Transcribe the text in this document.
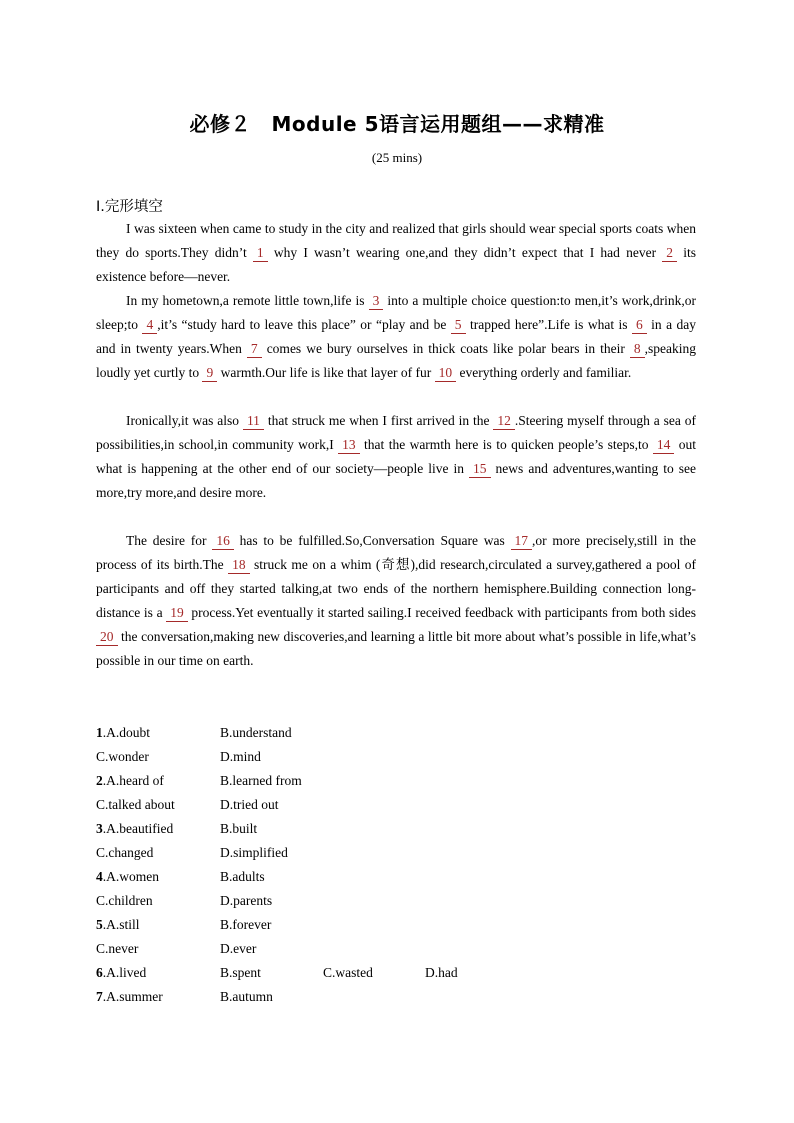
必修２　Module 5语言运用题组——求精准
(25 mins)
Ⅰ.完形填空
I was sixteen when came to study in the city and realized that girls should wear special sports coats when they do sports.They didn’t 1 why I wasn’t wearing one,and they didn’t expect that I had never 2 its existence before—never.
In my hometown,a remote little town,life is 3 into a multiple choice question:to men,it’s work,drink,or sleep;to 4 ,it’s “study hard to leave this place” or “play and be 5 trapped here”.Life is what is 6 in a day and in twenty years.When 7 comes we bury ourselves in thick coats like polar bears in their 8 ,speaking loudly yet curtly to 9 warmth.Our life is like that layer of fur 10 everything orderly and familiar.
Ironically,it was also 11 that struck me when I first arrived in the 12 .Steering myself through a sea of possibilities,in school,in community work,I 13 that the warmth here is to quicken people’s steps,to 14 out what is happening at the other end of our society—people live in 15 news and adventures,wanting to see more,try more,and desire more.
The desire for 16 has to be fulfilled.So,Conversation Square was 17 ,or more precisely,still in the process of its birth.The 18 struck me on a whim (奇想),did research,circulated a survey,gathered a pool of participants and off they started talking,at two ends of the northern hemisphere.Building connection long-distance is a 19 process.Yet eventually it started sailing.I received feedback with participants from both sides 20 the conversation,making new discoveries,and learning a little bit more about what’s possible in life,what’s possible in our time on earth.
1.A.doubt	B.understand
C.wonder	D.mind
2.A.heard of	B.learned from
C.talked about	D.tried out
3.A.beautified	B.built
C.changed	D.simplified
4.A.women	B.adults
C.children	D.parents
5.A.still	B.forever
C.never	D.ever
6.A.lived	B.spent	C.wasted	D.had
7.A.summer	B.autumn
